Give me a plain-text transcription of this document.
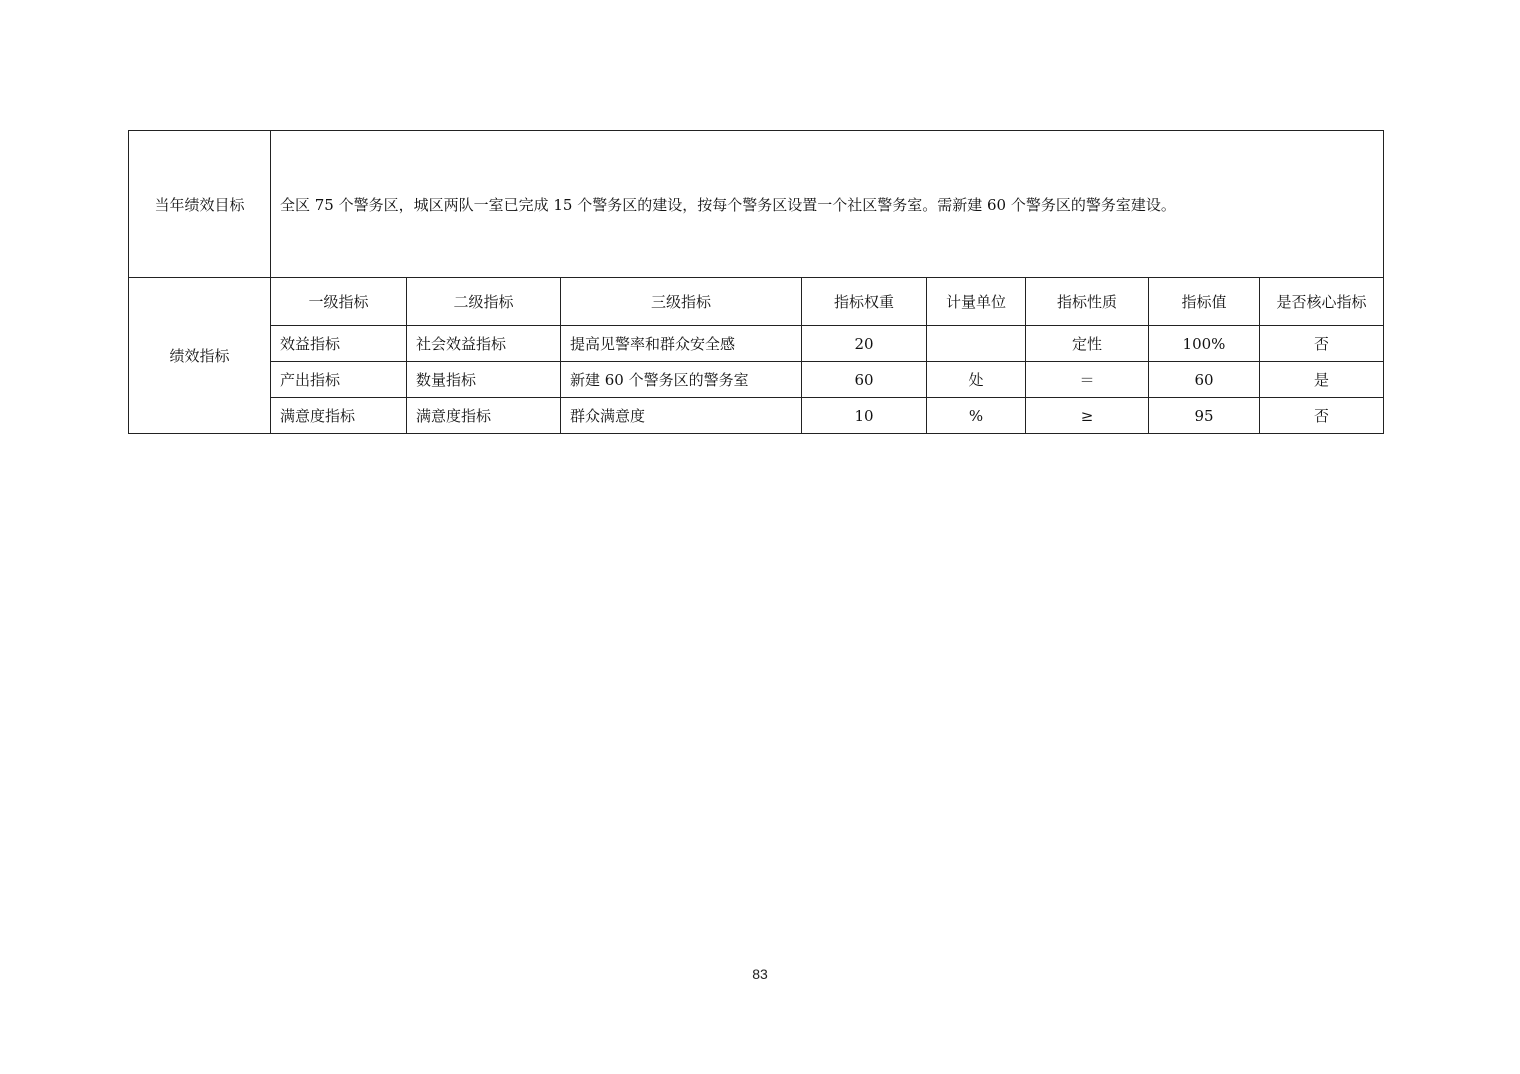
当年绩效目标	全区 75 个警务区，城区两队一室已完成 15 个警务区的建设，按每个警务区设置一个社区警务室。需新建 60 个警务区的警务室建设。							
绩效指标	一级指标	二级指标	三级指标	指标权重	计量单位	指标性质	指标值	是否核心指标
	效益指标	社会效益指标	提高见警率和群众安全感	20		定性	100%	否
	产出指标	数量指标	新建 60 个警务区的警务室	60	处	＝	60	是
	满意度指标	满意度指标	群众满意度	10	%	≥	95	否
83
